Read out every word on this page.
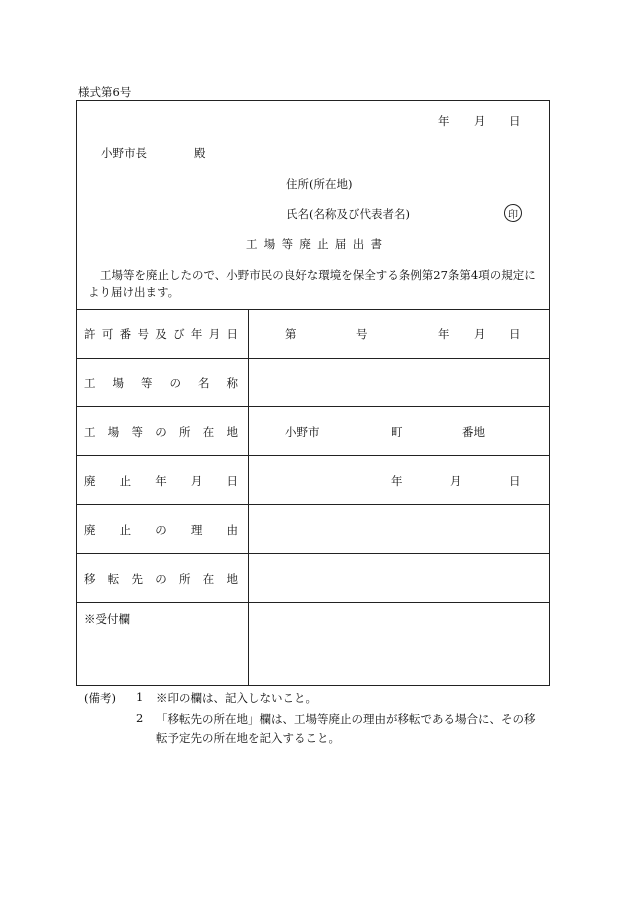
様式第6号
年 月 日
小野市長	殿
住所(所在地)
氏名(名称及び代表者名)	印
工 場 等 廃 止 届 出 書
工場等を廃止したので、小野市民の良好な環境を保全する条例第27条第4項の規定により届け出ます。
許 可 番 号 及 び 年 月 日	第	号	年 月 日
工 場 等 の 名 称
工 場 等 の 所 在 地	小野市	町	番地
廃 止 年 月 日	年	月	日
廃 止 の 理 由
移 転 先 の 所 在 地
※受付欄
(備考) 1 ※印の欄は、記入しないこと。
2 「移転先の所在地」欄は、工場等廃止の理由が移転である場合に、その移
転予定先の所在地を記入すること。
